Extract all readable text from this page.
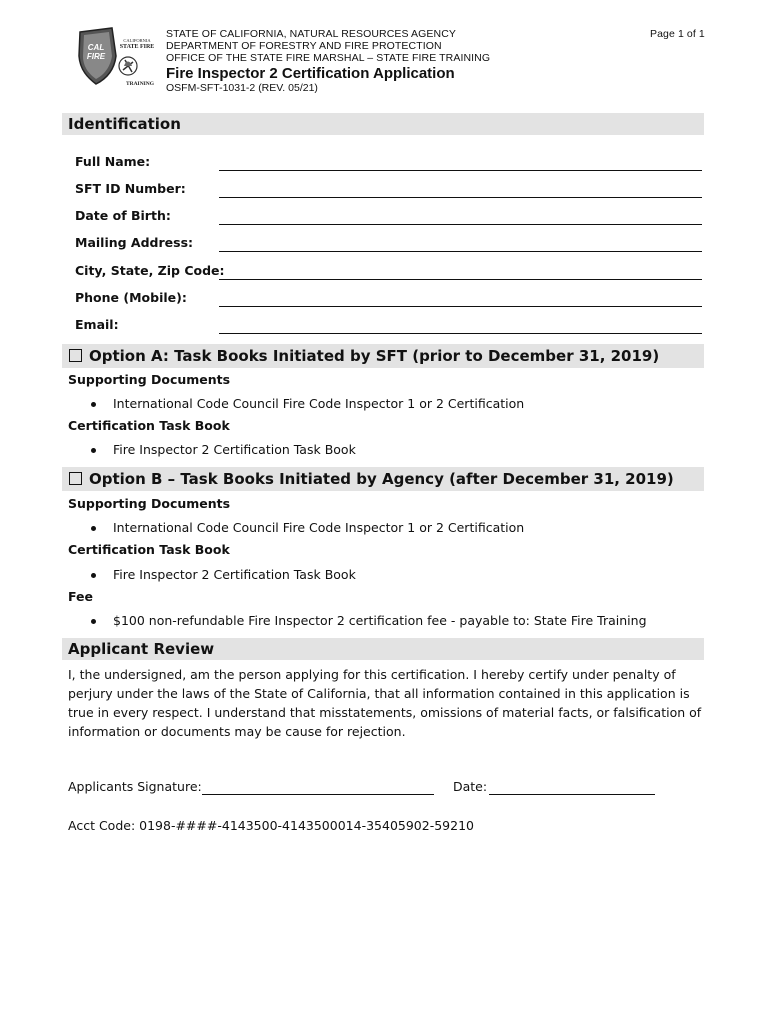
CAL
FIRE
CALIFORNIA
STATE FIRE
TRAINING
STATE OF CALIFORNIA, NATURAL RESOURCES AGENCY
DEPARTMENT OF FORESTRY AND FIRE PROTECTION
OFFICE OF THE STATE FIRE MARSHAL – STATE FIRE TRAINING
Fire Inspector 2 Certification Application
OSFM-SFT-1031-2 (REV. 05/21)
Page 1 of 1
Identification
Full Name:
SFT ID Number:
Date of Birth:
Mailing Address:
City, State, Zip Code:
Phone (Mobile):
Email:
Option A: Task Books Initiated by SFT (prior to December 31, 2019)
Supporting Documents
International Code Council Fire Code Inspector 1 or 2 Certification
Certification Task Book
Fire Inspector 2 Certification Task Book
Option B – Task Books Initiated by Agency (after December 31, 2019)
Supporting Documents
International Code Council Fire Code Inspector 1 or 2 Certification
Certification Task Book
Fire Inspector 2 Certification Task Book
Fee
$100 non-refundable Fire Inspector 2 certification fee - payable to: State Fire Training
Applicant Review
I, the undersigned, am the person applying for this certification. I hereby certify under penalty of
perjury under the laws of the State of California, that all information contained in this application is
true in every respect. I understand that misstatements, omissions of material facts, or falsification of
information or documents may be cause for rejection.
Applicants Signature:	Date:
Acct Code: 0198-####-4143500-4143500014-35405902-59210
